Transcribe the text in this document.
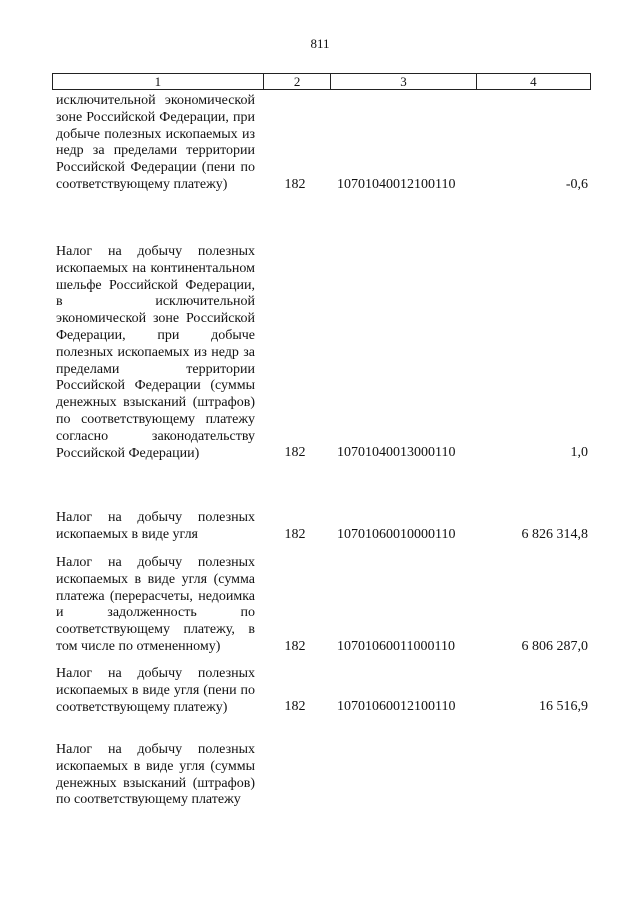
811
1	2	3	4
исключительной экономической зоне Российской Федерации, при добыче полезных ископаемых из недр за пределами территории Российской Федерации (пени по соответствующему платежу)	182 10701040012100110	-0,6
Налог на добычу полезных ископаемых на континентальном шельфе Российской Федерации, в исключительной экономической зоне Российской Федерации, при добыче полезных ископаемых из недр за пределами территории Российской Федерации (суммы денежных взысканий (штрафов) по соответствующему платежу согласно законодательству Российской Федерации)	182 10701040013000110	1,0
Налог на добычу полезных ископаемых в виде угля	182 10701060010000110	6 826 314,8
Налог на добычу полезных ископаемых в виде угля (сумма платежа (перерасчеты, недоимка и задолженность по соответствующему платежу, в том числе по отмененному)	182 10701060011000110	6 806 287,0
Налог на добычу полезных ископаемых в виде угля (пени по соответствующему платежу)	182 10701060012100110	16 516,9
Налог на добычу полезных ископаемых в виде угля (суммы денежных взысканий (штрафов) по соответствующему платежу
